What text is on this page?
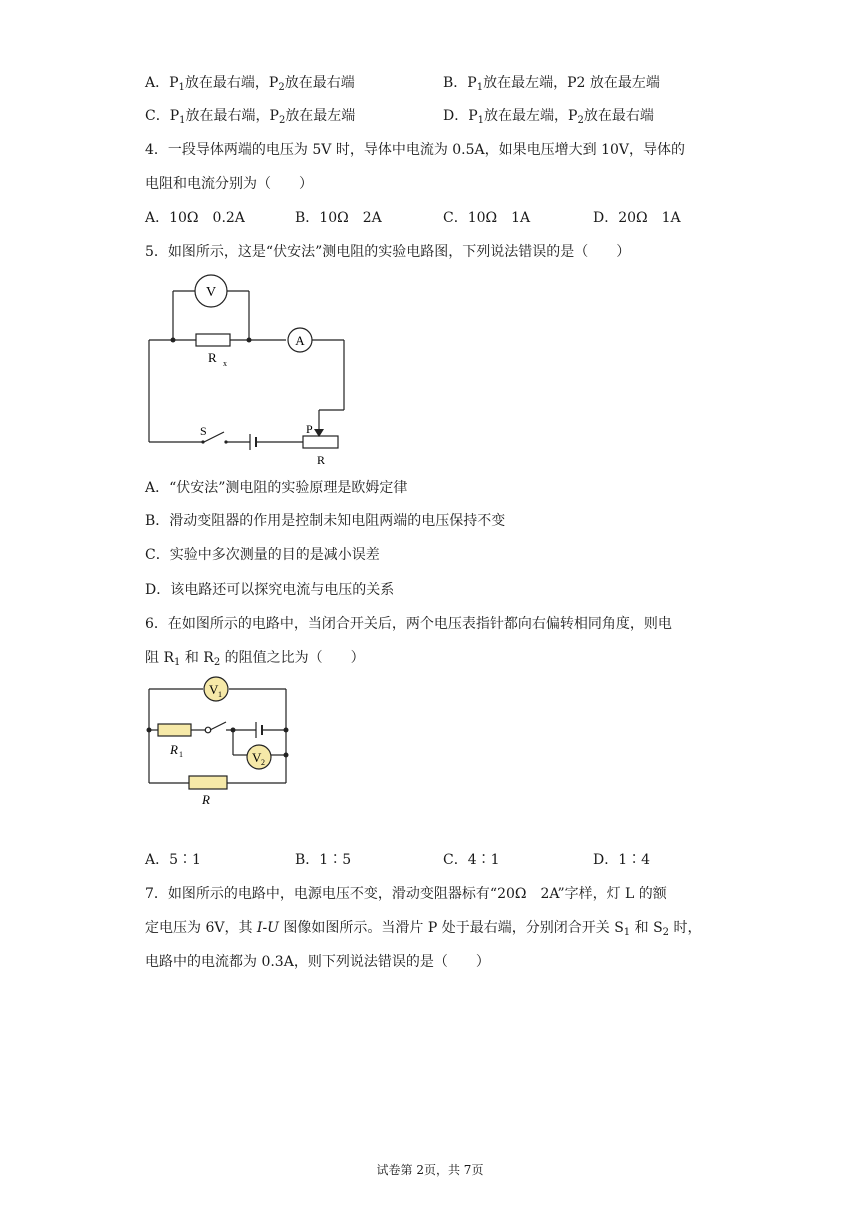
A．$P_1$放在最右端，$P_2$放在最右端	B．$P_1$放在最左端，P2 放在最左端
C．$P_1$放在最右端，$P_2$放在最左端	D．$P_1$放在最左端，$P_2$放在最右端
4．一段导体两端的电压为 5V 时，导体中电流为 0.5A，如果电压增大到 10V，导体的
电阻和电流分别为（　　）
A．10Ω　0.2A	B．10Ω　2A	C．10Ω　1A	D．20Ω　1A
5．如图所示，这是“伏安法”测电阻的实验电路图，下列说法错误的是（　　）
V
A
R x
S	P
R
A．“伏安法”测电阻的实验原理是欧姆定律
B．滑动变阻器的作用是控制未知电阻两端的电压保持不变
C．实验中多次测量的目的是减小误差
D．该电路还可以探究电流与电压的关系
6．在如图所示的电路中，当闭合开关后，两个电压表指针都向右偏转相同角度，则电
阻 $R_1$ 和 $R_2$ 的阻值之比为（　　）
V 1
V 2
R 1
R
A．5∶1	B．1∶5	C．4∶1	D．1∶4
7．如图所示的电路中，电源电压不变，滑动变阻器标有“20Ω　2A”字样，灯 L 的额
定电压为 6V，其 I-U 图像如图所示。当滑片 P 处于最右端，分别闭合开关 $S_1$ 和 $S_2$ 时，
电路中的电流都为 0.3A，则下列说法错误的是（　　）
试卷第 2页，共 7页
